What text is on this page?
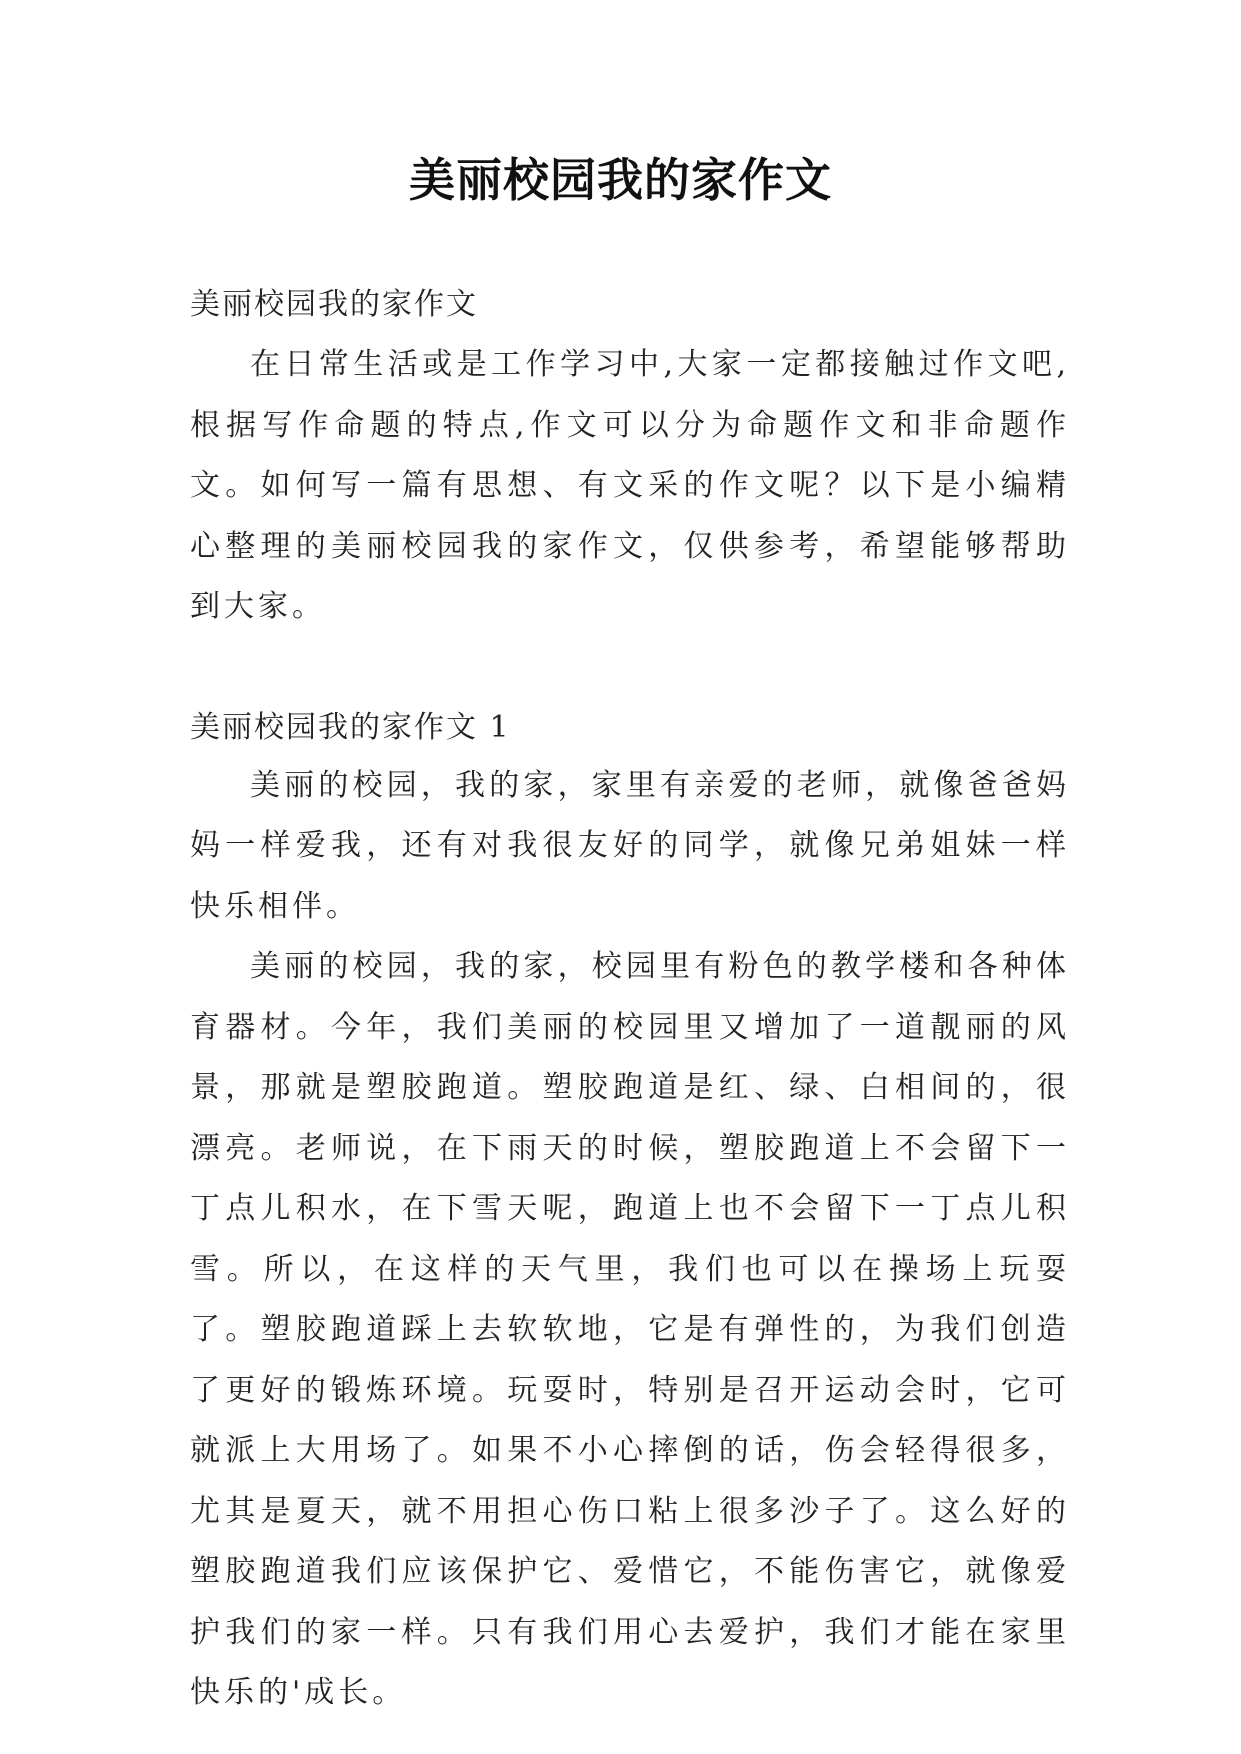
美丽校园我的家作文

美丽校园我的家作文

在日常生活或是工作学习中,大家一定都接触过作文吧,根据写作命题的特点,作文可以分为命题作文和非命题作文。如何写一篇有思想、有文采的作文呢？以下是小编精心整理的美丽校园我的家作文，仅供参考，希望能够帮助到大家。

美丽校园我的家作文 1

美丽的校园，我的家，家里有亲爱的老师，就像爸爸妈妈一样爱我，还有对我很友好的同学，就像兄弟姐妹一样快乐相伴。

美丽的校园，我的家，校园里有粉色的教学楼和各种体育器材。今年，我们美丽的校园里又增加了一道靓丽的风景，那就是塑胶跑道。塑胶跑道是红、绿、白相间的，很漂亮。老师说，在下雨天的时候，塑胶跑道上不会留下一丁点儿积水，在下雪天呢，跑道上也不会留下一丁点儿积雪。所以，在这样的天气里，我们也可以在操场上玩耍了。塑胶跑道踩上去软软地，它是有弹性的，为我们创造了更好的锻炼环境。玩耍时，特别是召开运动会时，它可就派上大用场了。如果不小心摔倒的话，伤会轻得很多，尤其是夏天，就不用担心伤口粘上很多沙子了。这么好的塑胶跑道我们应该保护它、爱惜它，不能伤害它，就像爱护我们的家一样。只有我们用心去爱护，我们才能在家里快乐的'成长。
